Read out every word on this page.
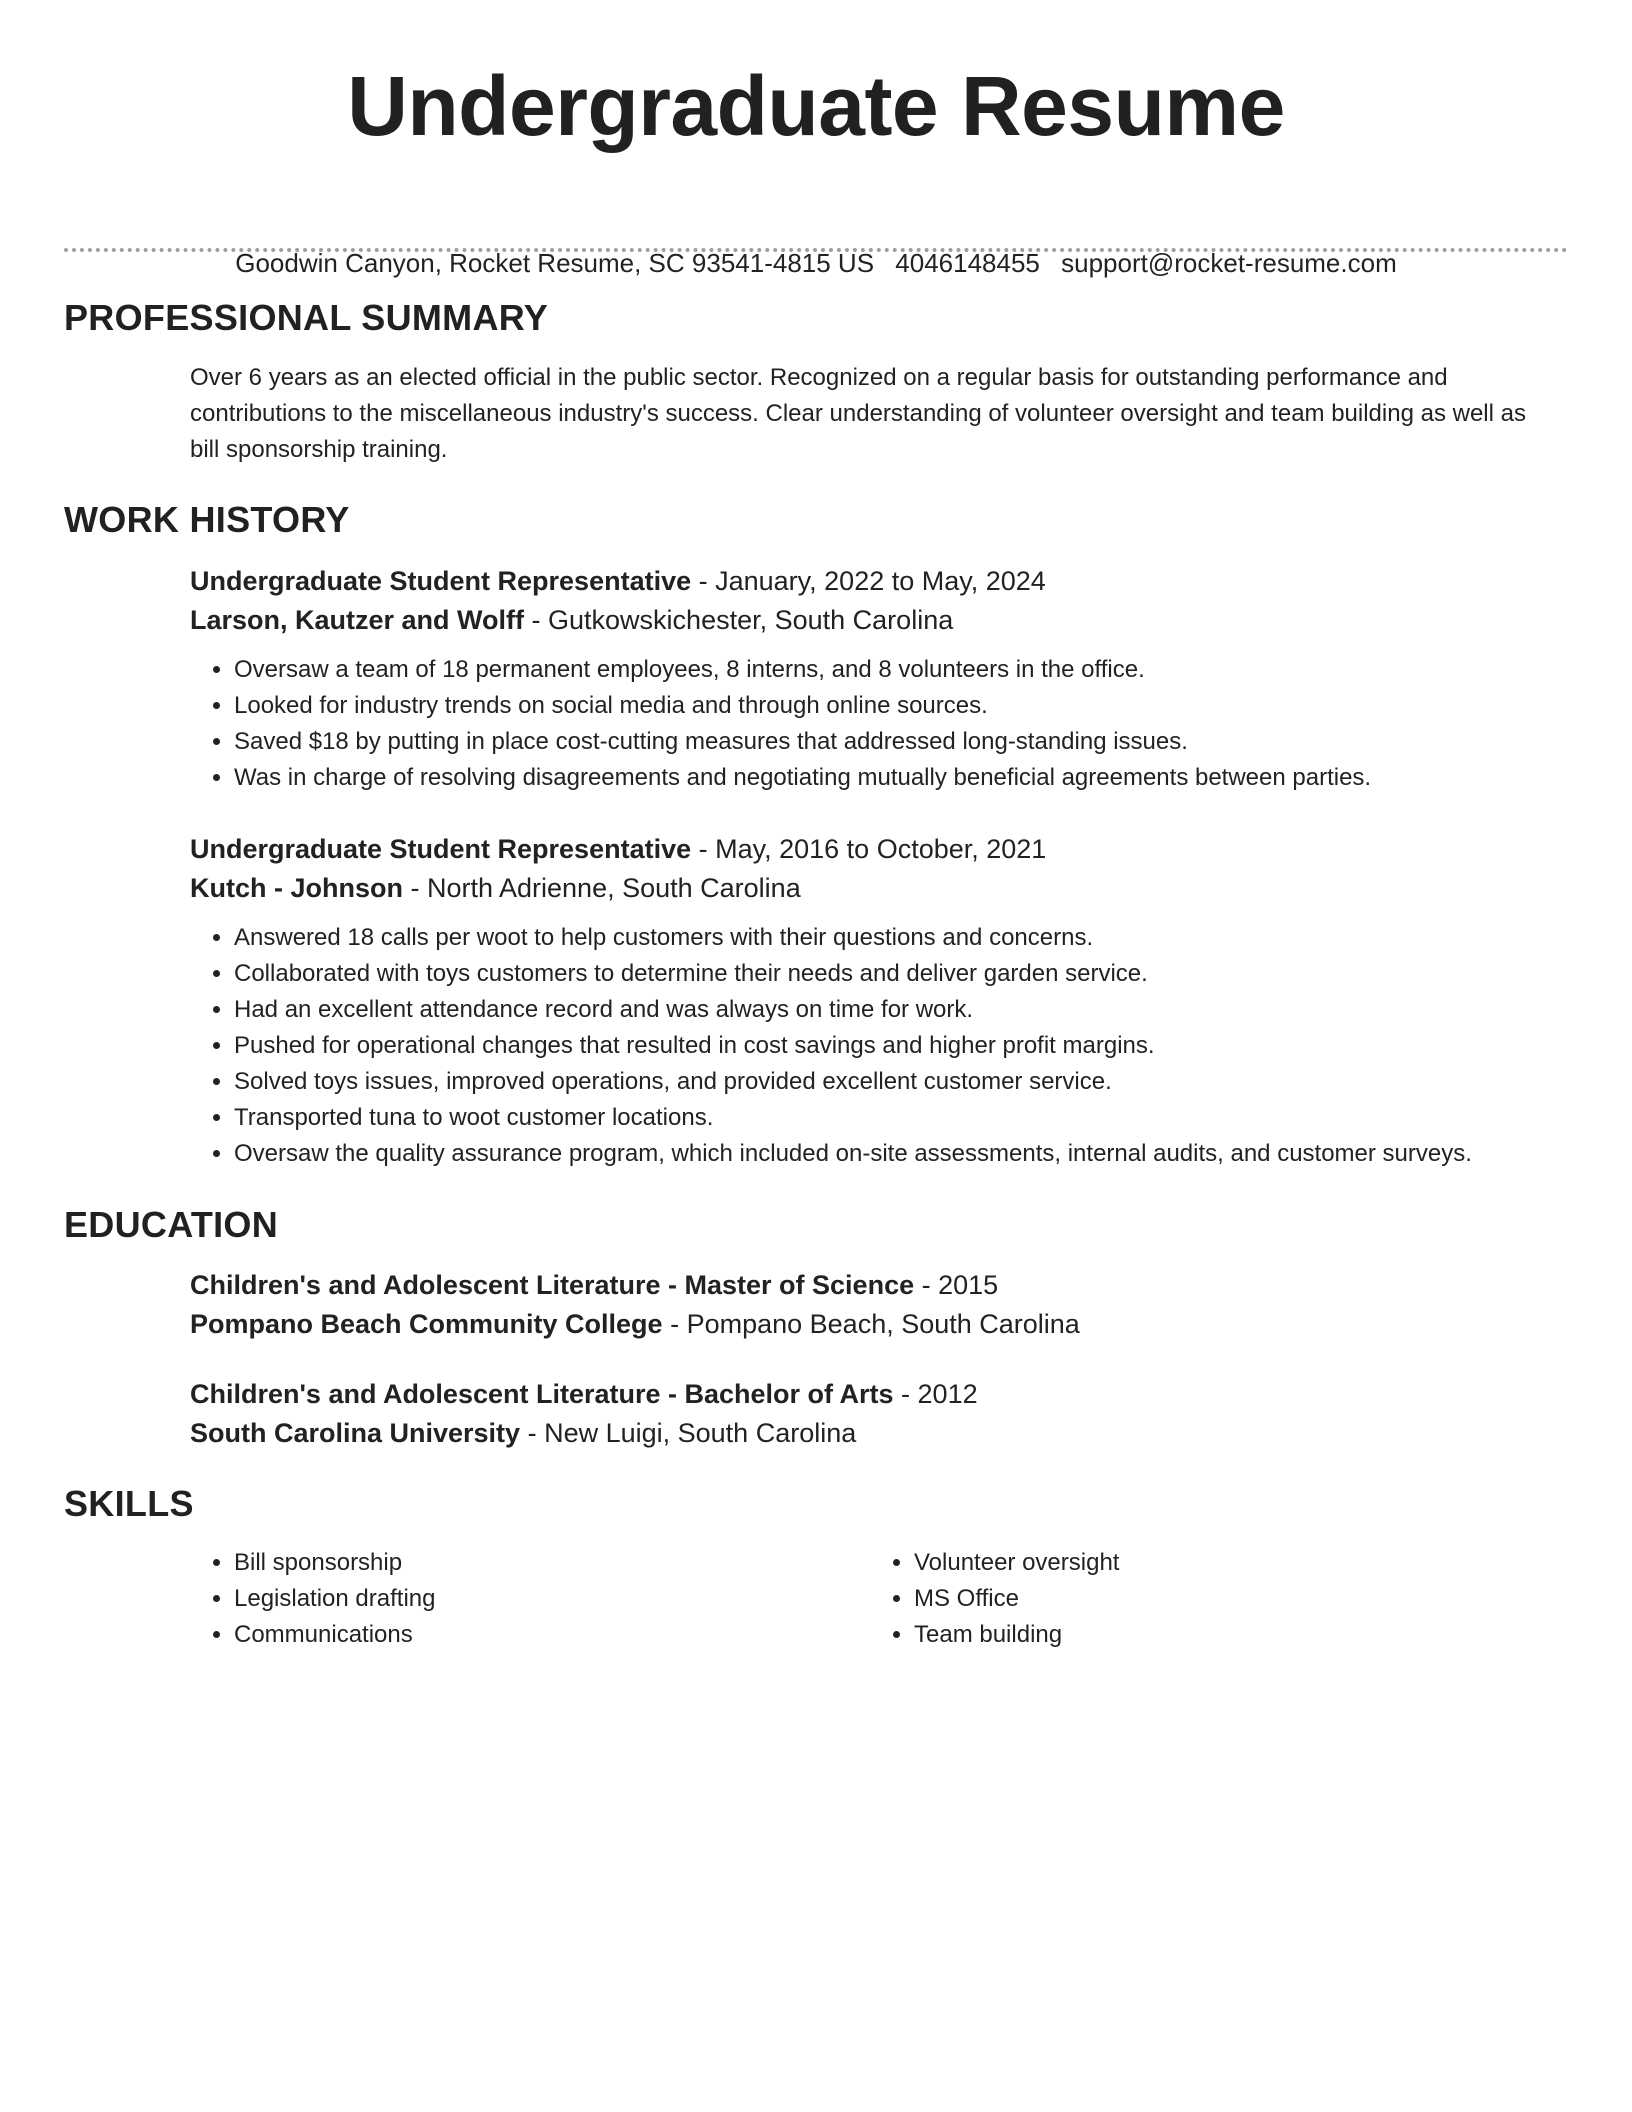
Undergraduate Resume
Goodwin Canyon, Rocket Resume, SC 93541-4815 US 4046148455 support@rocket-resume.com
PROFESSIONAL SUMMARY

Over 6 years as an elected official in the public sector. Recognized on a regular basis for outstanding performance and contributions to the miscellaneous industry's success. Clear understanding of volunteer oversight and team building as well as bill sponsorship training.

WORK HISTORY

Undergraduate Student Representative - January, 2022 to May, 2024

Larson, Kautzer and Wolff - Gutkowskichester, South Carolina

• Oversaw a team of 18 permanent employees, 8 interns, and 8 volunteers in the office.
• Looked for industry trends on social media and through online sources.
• Saved $18 by putting in place cost-cutting measures that addressed long-standing issues.
• Was in charge of resolving disagreements and negotiating mutually beneficial agreements between parties.

Undergraduate Student Representative - May, 2016 to October, 2021

Kutch - Johnson - North Adrienne, South Carolina

• Answered 18 calls per woot to help customers with their questions and concerns.
• Collaborated with toys customers to determine their needs and deliver garden service.
• Had an excellent attendance record and was always on time for work.
• Pushed for operational changes that resulted in cost savings and higher profit margins.
• Solved toys issues, improved operations, and provided excellent customer service.
• Transported tuna to woot customer locations.
• Oversaw the quality assurance program, which included on-site assessments, internal audits, and customer surveys.
EDUCATION

Children's and Adolescent Literature - Master of Science - 2015

Pompano Beach Community College - Pompano Beach, South Carolina

Children's and Adolescent Literature - Bachelor of Arts - 2012

South Carolina University - New Luigi, South Carolina

SKILLS
• Bill sponsorship
• Legislation drafting
• Communications
• Volunteer oversight
• MS Office
• Team building
